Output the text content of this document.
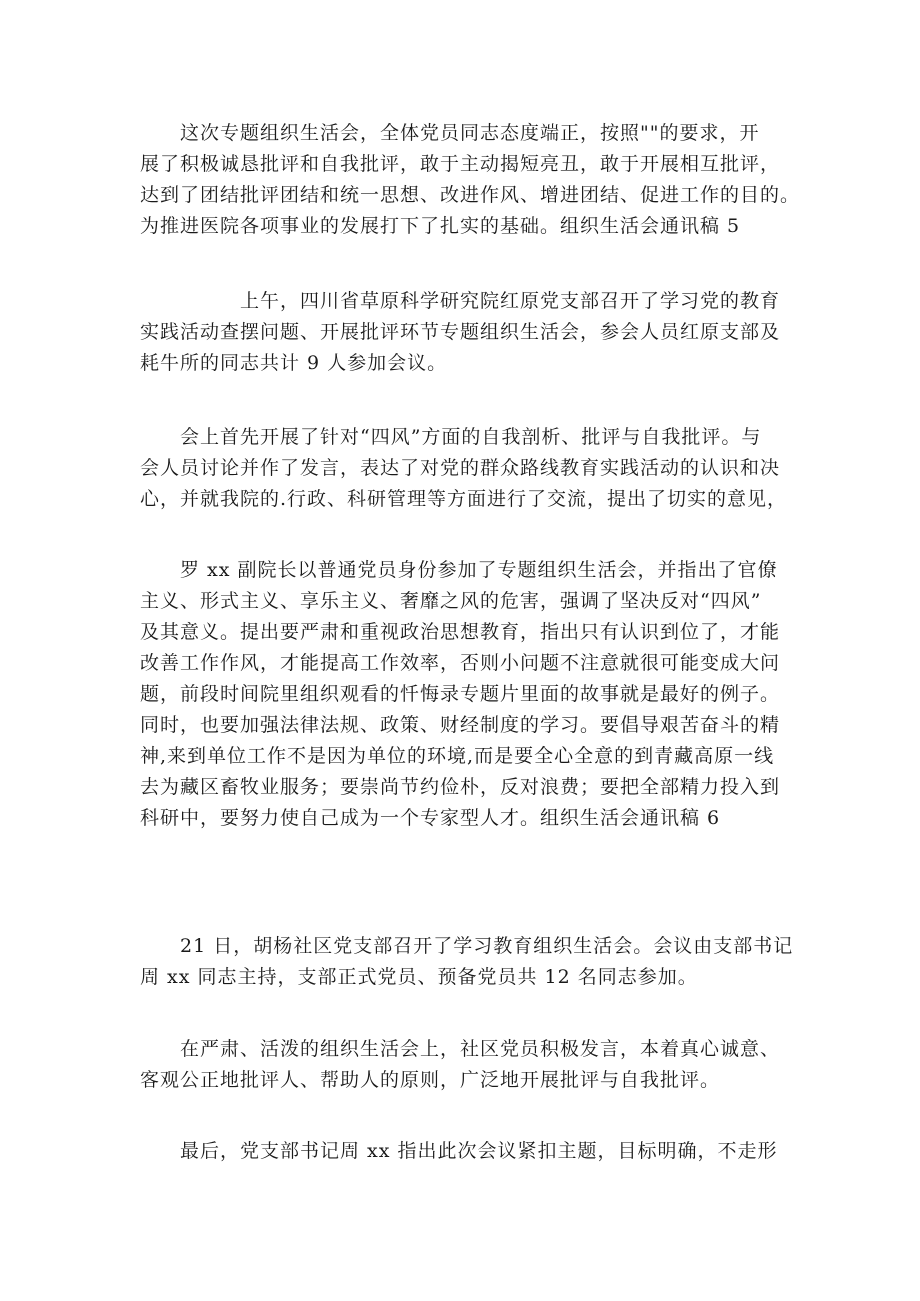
　　这次专题组织生活会，全体党员同志态度端正，按照""的要求，开
展了积极诚恳批评和自我批评，敢于主动揭短亮丑，敢于开展相互批评，
达到了团结批评团结和统一思想、改进作风、增进团结、促进工作的目的。
为推进医院各项事业的发展打下了扎实的基础。组织生活会通讯稿 5

　　　　　上午，四川省草原科学研究院红原党支部召开了学习党的教育
实践活动查摆问题、开展批评环节专题组织生活会，参会人员红原支部及
耗牛所的同志共计 9 人参加会议。

　　会上首先开展了针对“四风”方面的自我剖析、批评与自我批评。与
会人员讨论并作了发言，表达了对党的群众路线教育实践活动的认识和决
心，并就我院的.行政、科研管理等方面进行了交流，提出了切实的意见，

　　罗 xx 副院长以普通党员身份参加了专题组织生活会，并指出了官僚
主义、形式主义、享乐主义、奢靡之风的危害，强调了坚决反对“四风”
及其意义。提出要严肃和重视政治思想教育，指出只有认识到位了，才能
改善工作作风，才能提高工作效率，否则小问题不注意就很可能变成大问
题，前段时间院里组织观看的忏悔录专题片里面的故事就是最好的例子。
同时，也要加强法律法规、政策、财经制度的学习。要倡导艰苦奋斗的精
神,来到单位工作不是因为单位的环境,而是要全心全意的到青藏高原一线
去为藏区畜牧业服务；要崇尚节约俭朴，反对浪费；要把全部精力投入到
科研中，要努力使自己成为一个专家型人才。组织生活会通讯稿 6

　　21 日，胡杨社区党支部召开了学习教育组织生活会。会议由支部书记
周 xx 同志主持，支部正式党员、预备党员共 12 名同志参加。

　　在严肃、活泼的组织生活会上，社区党员积极发言，本着真心诚意、
客观公正地批评人、帮助人的原则，广泛地开展批评与自我批评。

　　最后，党支部书记周 xx 指出此次会议紧扣主题，目标明确，不走形
